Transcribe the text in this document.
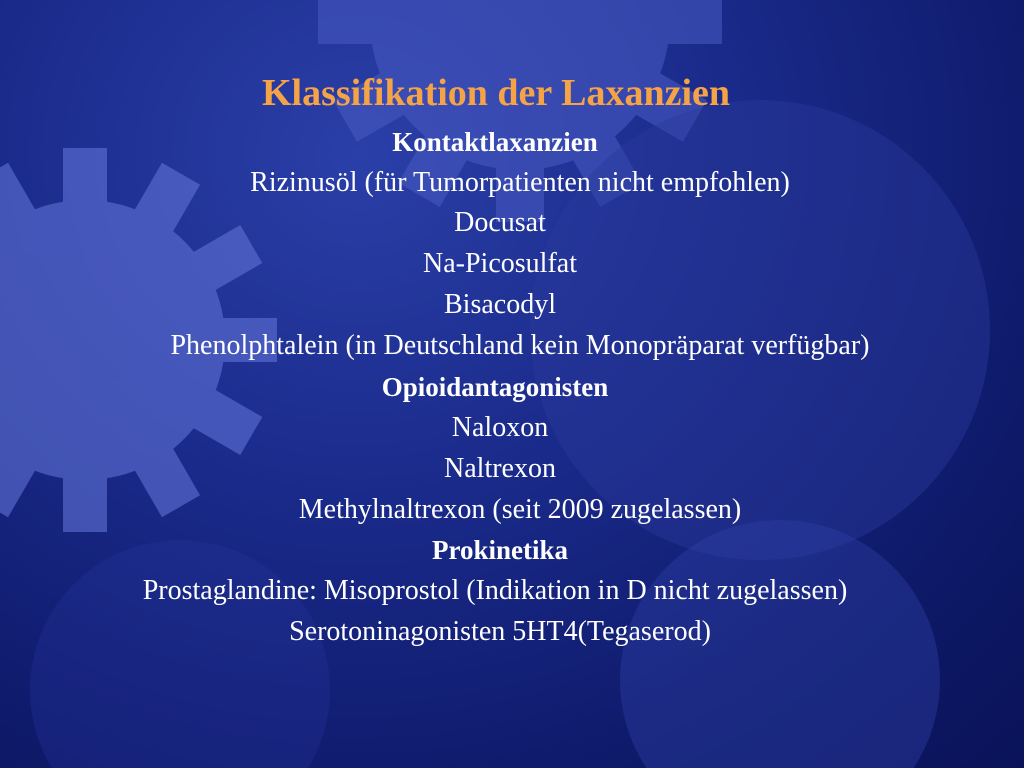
Klassifikation der Laxanzien
Kontaktlaxanzien
Rizinusöl (für Tumorpatienten nicht empfohlen)
Docusat
Na-Picosulfat
Bisacodyl
Phenolphtalein (in Deutschland kein Monopräparat verfügbar)
Opioidantagonisten
Naloxon
Naltrexon
Methylnaltrexon (seit 2009 zugelassen)
Prokinetika
Prostaglandine: Misoprostol (Indikation in D nicht zugelassen)
Serotoninagonisten 5HT4(Tegaserod)
